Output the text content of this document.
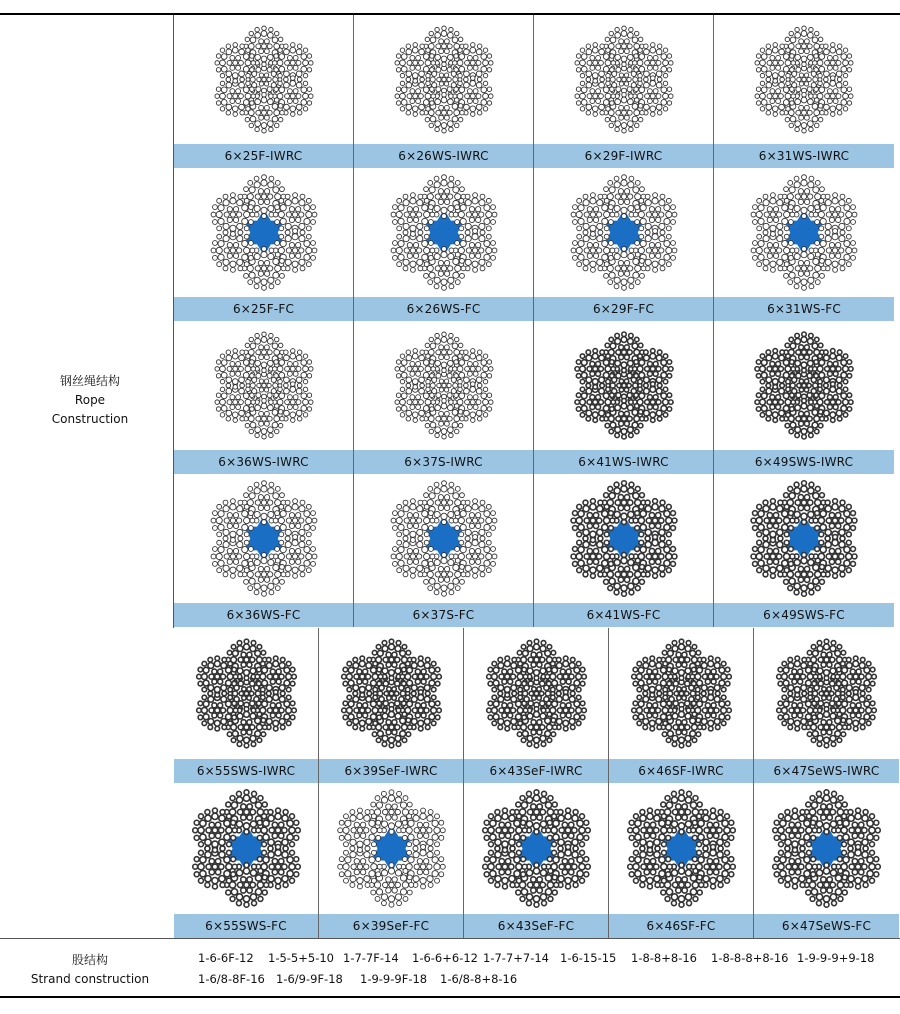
钢丝绳结构
Rope
Construction
股结构
Strand construction
6×25F-IWRC	6×26WS-IWRC	6×29F-IWRC	6×31WS-IWRC
6×25F-FC	6×26WS-FC	6×29F-FC	6×31WS-FC
6×36WS-IWRC	6×37S-IWRC	6×41WS-IWRC	6×49SWS-IWRC
6×36WS-FC	6×37S-FC	6×41WS-FC	6×49SWS-FC
6×55SWS-IWRC	6×39SeF-IWRC	6×43SeF-IWRC	6×46SF-IWRC	6×47SeWS-IWRC
6×55SWS-FC	6×39SeF-FC	6×43SeF-FC	6×46SF-FC	6×47SeWS-FC
1-6-6F-12 1-5-5+5-10 1-7-7F-14 1-6-6+6-12 1-7-7+7-14 1-6-15-15 1-8-8+8-16 1-8-8-8+8-16 1-9-9-9+9-18
1-6/8-8F-16 1-6/9-9F-18 1-9-9-9F-18 1-6/8-8+8-16
